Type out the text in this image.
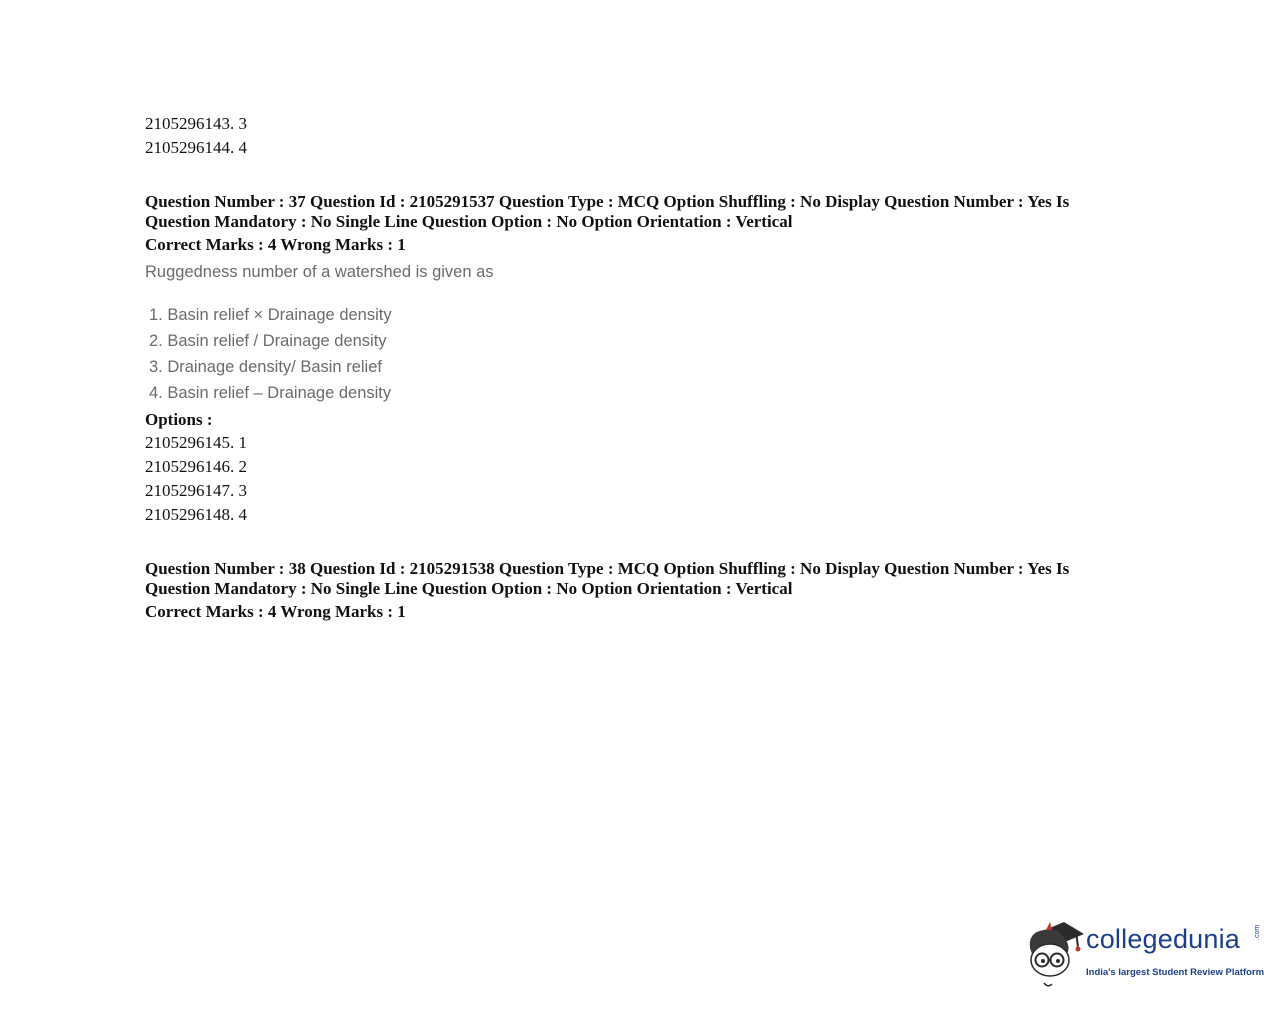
2105296143. 3
2105296144. 4
Question Number : 37 Question Id : 2105291537 Question Type : MCQ Option Shuffling : No Display Question Number : Yes Is Question Mandatory : No Single Line Question Option : No Option Orientation : Vertical
Correct Marks : 4 Wrong Marks : 1
Ruggedness number of a watershed is given as
1. Basin relief × Drainage density
2. Basin relief / Drainage density
3. Drainage density/ Basin relief
4. Basin relief – Drainage density
Options :
2105296145. 1
2105296146. 2
2105296147. 3
2105296148. 4
Question Number : 38 Question Id : 2105291538 Question Type : MCQ Option Shuffling : No Display Question Number : Yes Is Question Mandatory : No Single Line Question Option : No Option Orientation : Vertical
Correct Marks : 4 Wrong Marks : 1
collegedunia .com
India's largest Student Review Platform
